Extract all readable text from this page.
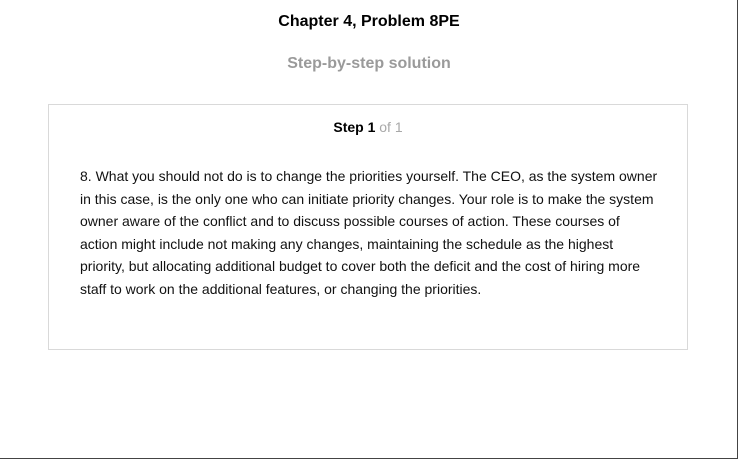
Chapter 4, Problem 8PE
Step-by-step solution
Step 1 of 1

8. What you should not do is to change the priorities yourself. The CEO, as the system owner in this case, is the only one who can initiate priority changes. Your role is to make the system owner aware of the conflict and to discuss possible courses of action. These courses of action might include not making any changes, maintaining the schedule as the highest priority, but allocating additional budget to cover both the deficit and the cost of hiring more staff to work on the additional features, or changing the priorities.
